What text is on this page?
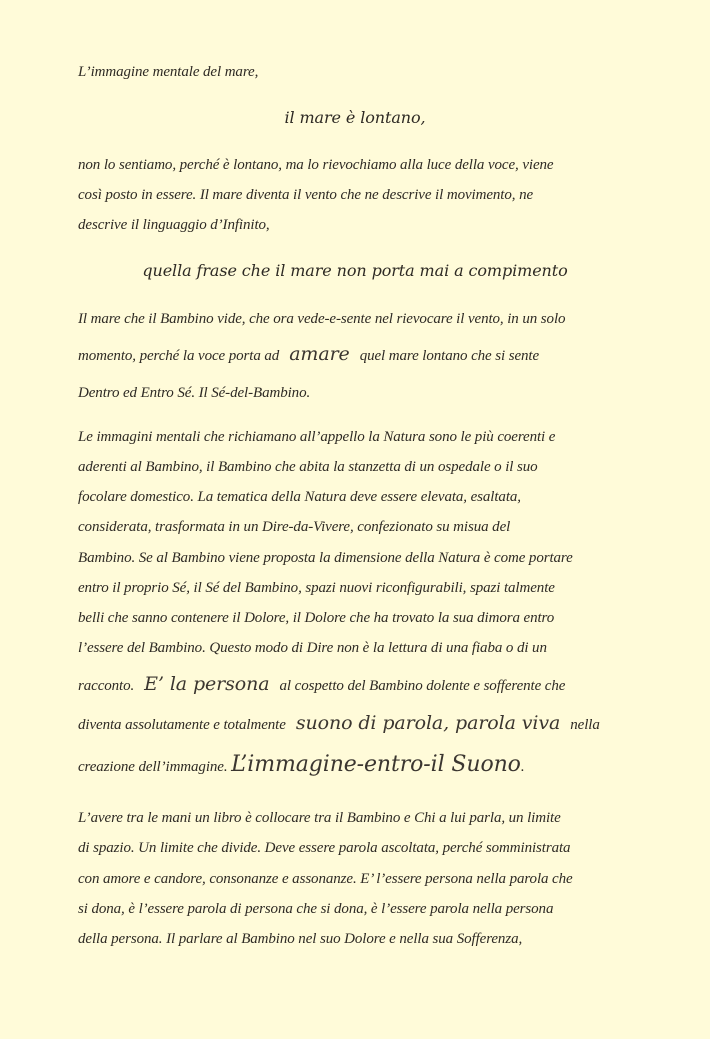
L’immagine mentale del mare,
il mare è lontano,
non lo sentiamo, perché è lontano, ma lo rievochiamo alla luce della voce, viene
così posto in essere. Il mare diventa il vento che ne descrive il movimento, ne
descrive il linguaggio d’Infinito,
quella frase che il mare non porta mai a compimento
Il mare che il Bambino vide, che ora vede-e-sente nel rievocare il vento, in un solo
momento, perché la voce porta ad amare quel mare lontano che si sente
Dentro ed Entro Sé. Il Sé-del-Bambino.
Le immagini mentali che richiamano all’appello la Natura sono le più coerenti e
aderenti al Bambino, il Bambino che abita la stanzetta di un ospedale o il suo
focolare domestico. La tematica della Natura deve essere elevata, esaltata,
considerata, trasformata in un Dire-da-Vivere, confezionato su misua del
Bambino. Se al Bambino viene proposta la dimensione della Natura è come portare
entro il proprio Sé, il Sé del Bambino, spazi nuovi riconfigurabili, spazi talmente
belli che sanno contenere il Dolore, il Dolore che ha trovato la sua dimora entro
l’essere del Bambino. Questo modo di Dire non è la lettura di una fiaba o di un
racconto. E’ la persona al cospetto del Bambino dolente e sofferente che
diventa assolutamente e totalmente suono di parola, parola viva nella
creazione dell’immagine. L’immagine-entro-il Suono.
L’avere tra le mani un libro è collocare tra il Bambino e Chi a lui parla, un limite
di spazio. Un limite che divide. Deve essere parola ascoltata, perché somministrata
con amore e candore, consonanze e assonanze. E’ l’essere persona nella parola che
si dona, è l’essere parola di persona che si dona, è l’essere parola nella persona
della persona. Il parlare al Bambino nel suo Dolore e nella sua Sofferenza,
